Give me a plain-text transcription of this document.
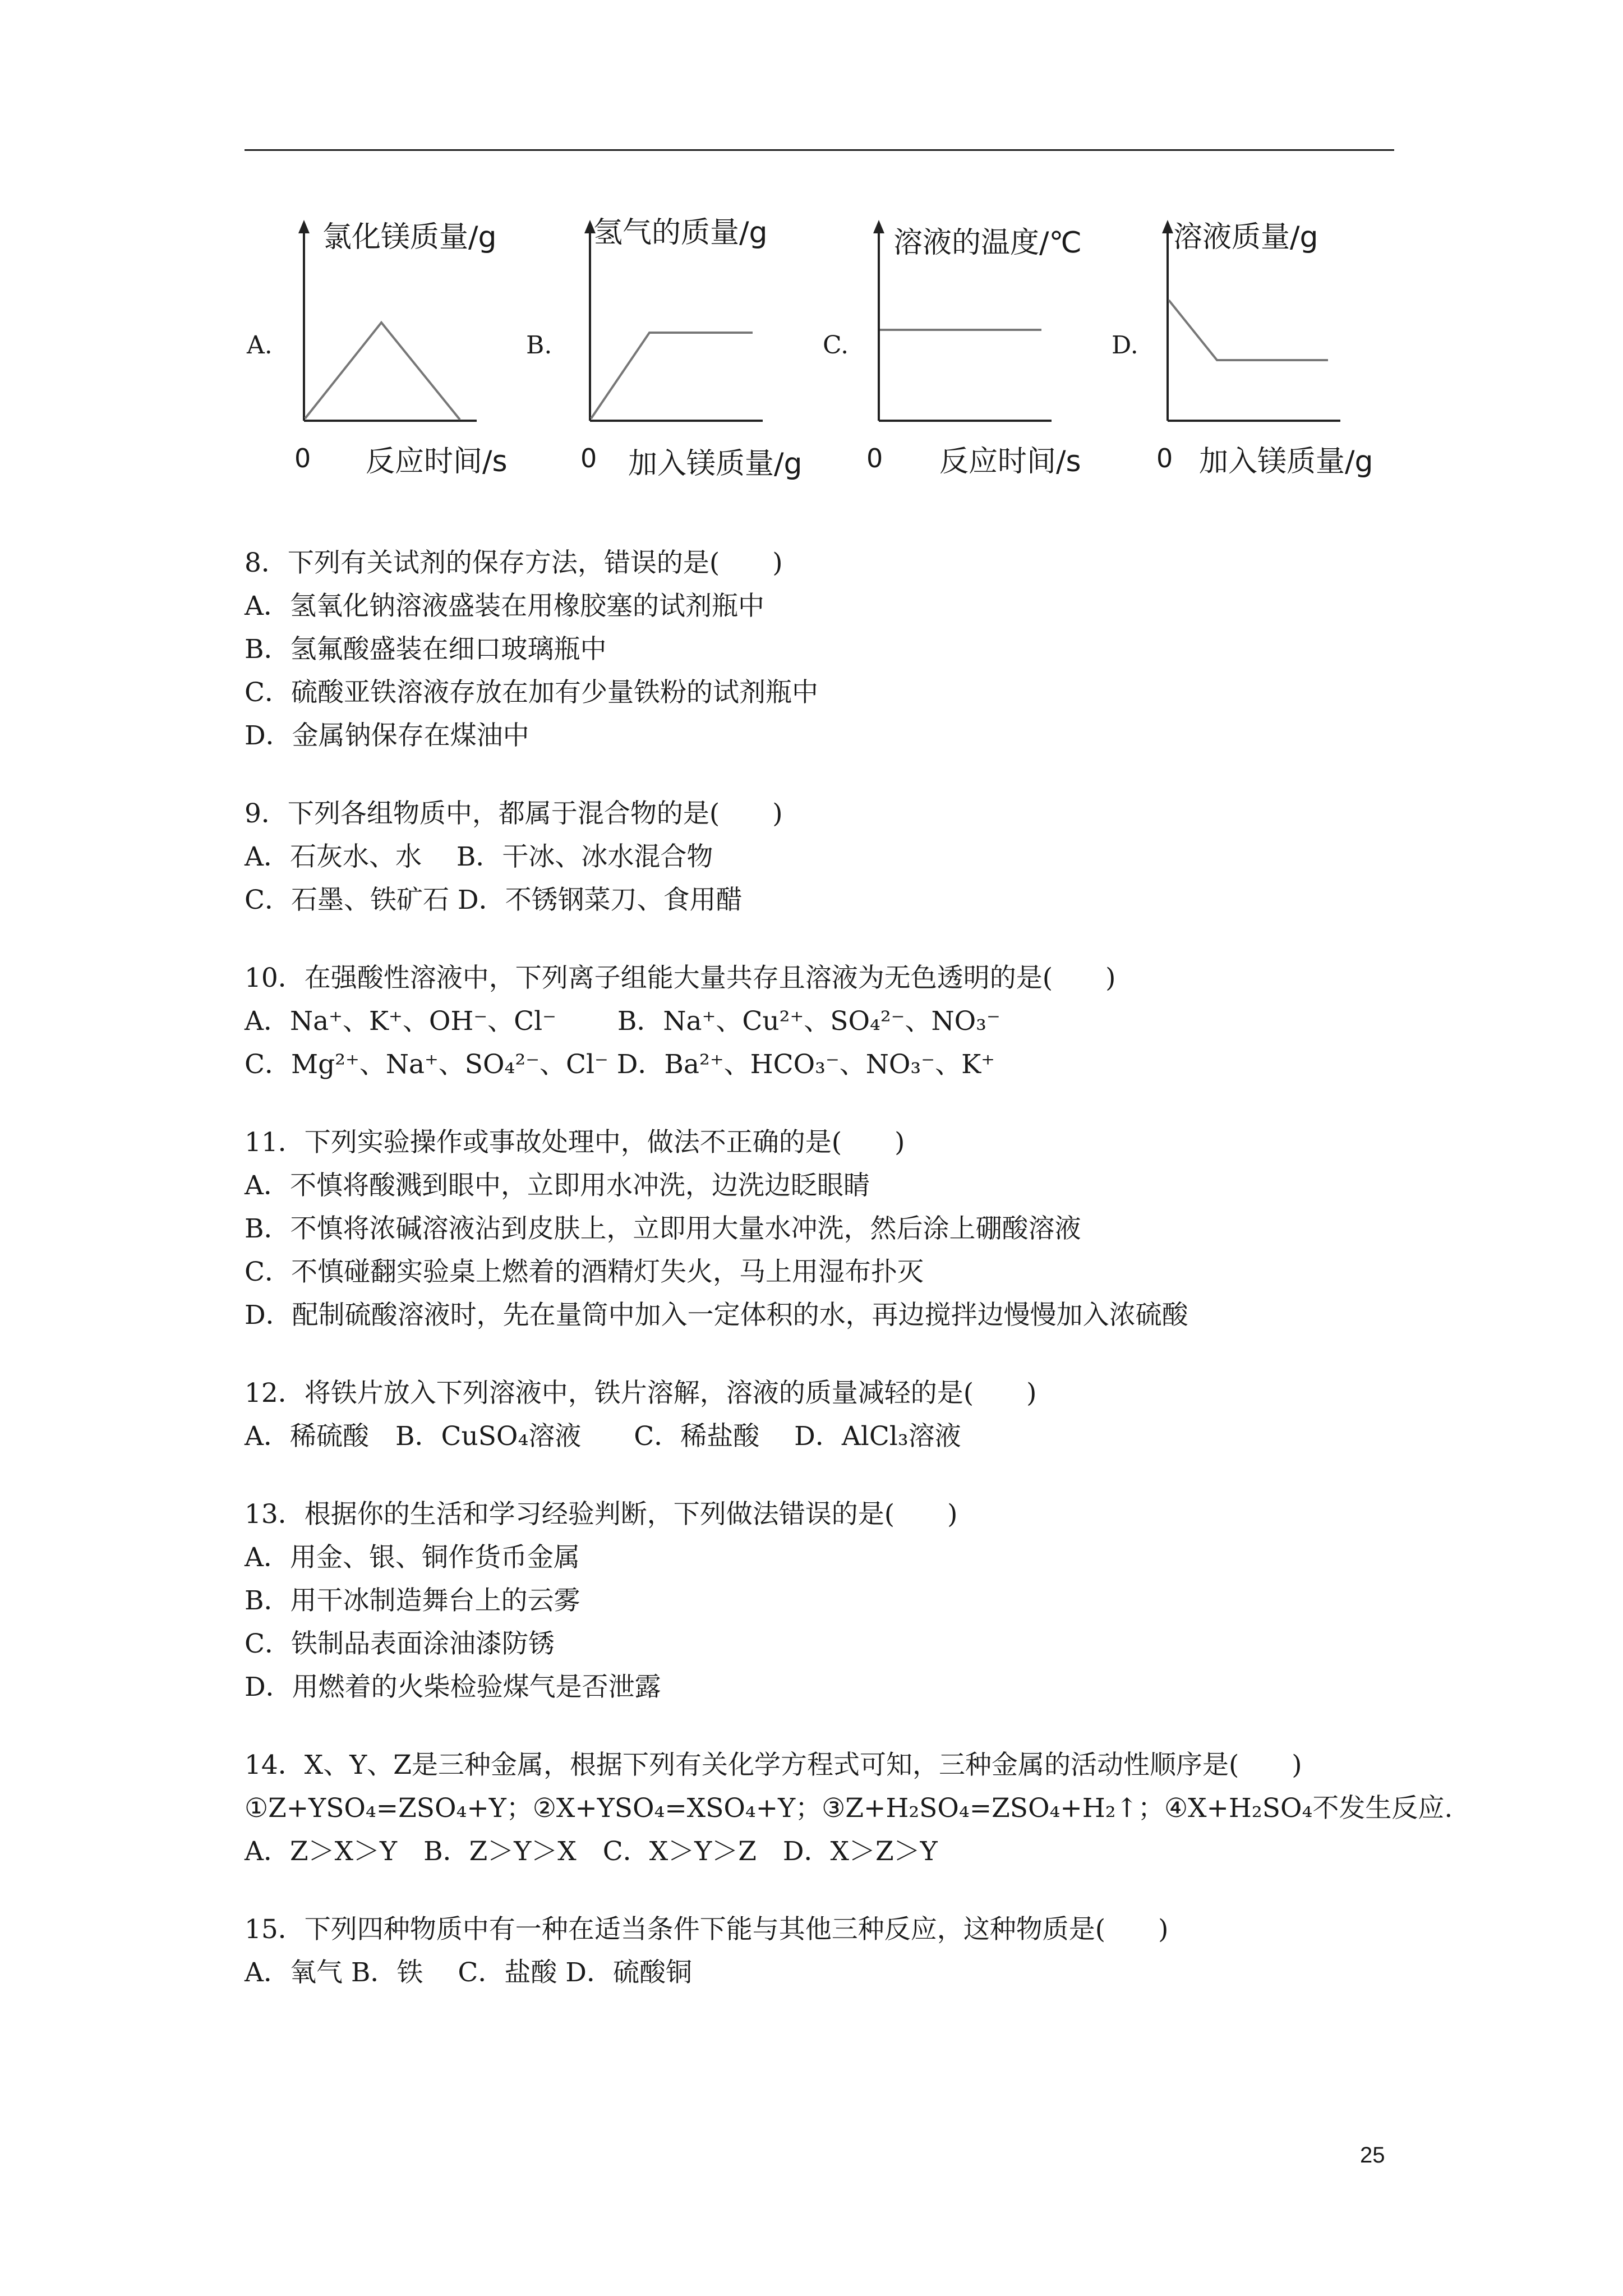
A.
氯化镁质量/g
0 反应时间/s
B.
氢气的质量/g
0 加入镁质量/g
C.
溶液的温度/℃
0 反应时间/s
D.
溶液质量/g
0 加入镁质量/g
8．下列有关试剂的保存方法，错误的是(　　)
A．氢氧化钠溶液盛装在用橡胶塞的试剂瓶中
B．氢氟酸盛装在细口玻璃瓶中
C．硫酸亚铁溶液存放在加有少量铁粉的试剂瓶中
D．金属钠保存在煤油中
9．下列各组物质中，都属于混合物的是(　　)
A．石灰水、水　 B．干冰、冰水混合物
C．石墨、铁矿石 D．不锈钢菜刀、食用醋
10．在强酸性溶液中，下列离子组能大量共存且溶液为无色透明的是(　　)
A．Na⁺、K⁺、OH⁻、Cl⁻　　 B．Na⁺、Cu²⁺、SO₄²⁻、NO₃⁻
C．Mg²⁺、Na⁺、SO₄²⁻、Cl⁻ D．Ba²⁺、HCO₃⁻、NO₃⁻、K⁺
11．下列实验操作或事故处理中，做法不正确的是(　　)
A．不慎将酸溅到眼中，立即用水冲洗，边洗边眨眼睛
B．不慎将浓碱溶液沾到皮肤上，立即用大量水冲洗，然后涂上硼酸溶液
C．不慎碰翻实验桌上燃着的酒精灯失火，马上用湿布扑灭
D．配制硫酸溶液时，先在量筒中加入一定体积的水，再边搅拌边慢慢加入浓硫酸
12．将铁片放入下列溶液中，铁片溶解，溶液的质量减轻的是(　　)
A．稀硫酸　B．CuSO₄溶液　　C．稀盐酸　 D．AlCl₃溶液
13．根据你的生活和学习经验判断，下列做法错误的是(　　)
A．用金、银、铜作货币金属
B．用干冰制造舞台上的云雾
C．铁制品表面涂油漆防锈
D．用燃着的火柴检验煤气是否泄露
14．X、Y、Z是三种金属，根据下列有关化学方程式可知，三种金属的活动性顺序是(　　)
①Z+YSO₄=ZSO₄+Y；②X+YSO₄=XSO₄+Y；③Z+H₂SO₄=ZSO₄+H₂↑；④X+H₂SO₄不发生反应.
A．Z＞X＞Y　B．Z＞Y＞X　C．X＞Y＞Z　D．X＞Z＞Y
15．下列四种物质中有一种在适当条件下能与其他三种反应，这种物质是(　　)
A．氧气 B．铁　 C．盐酸 D．硫酸铜
25
